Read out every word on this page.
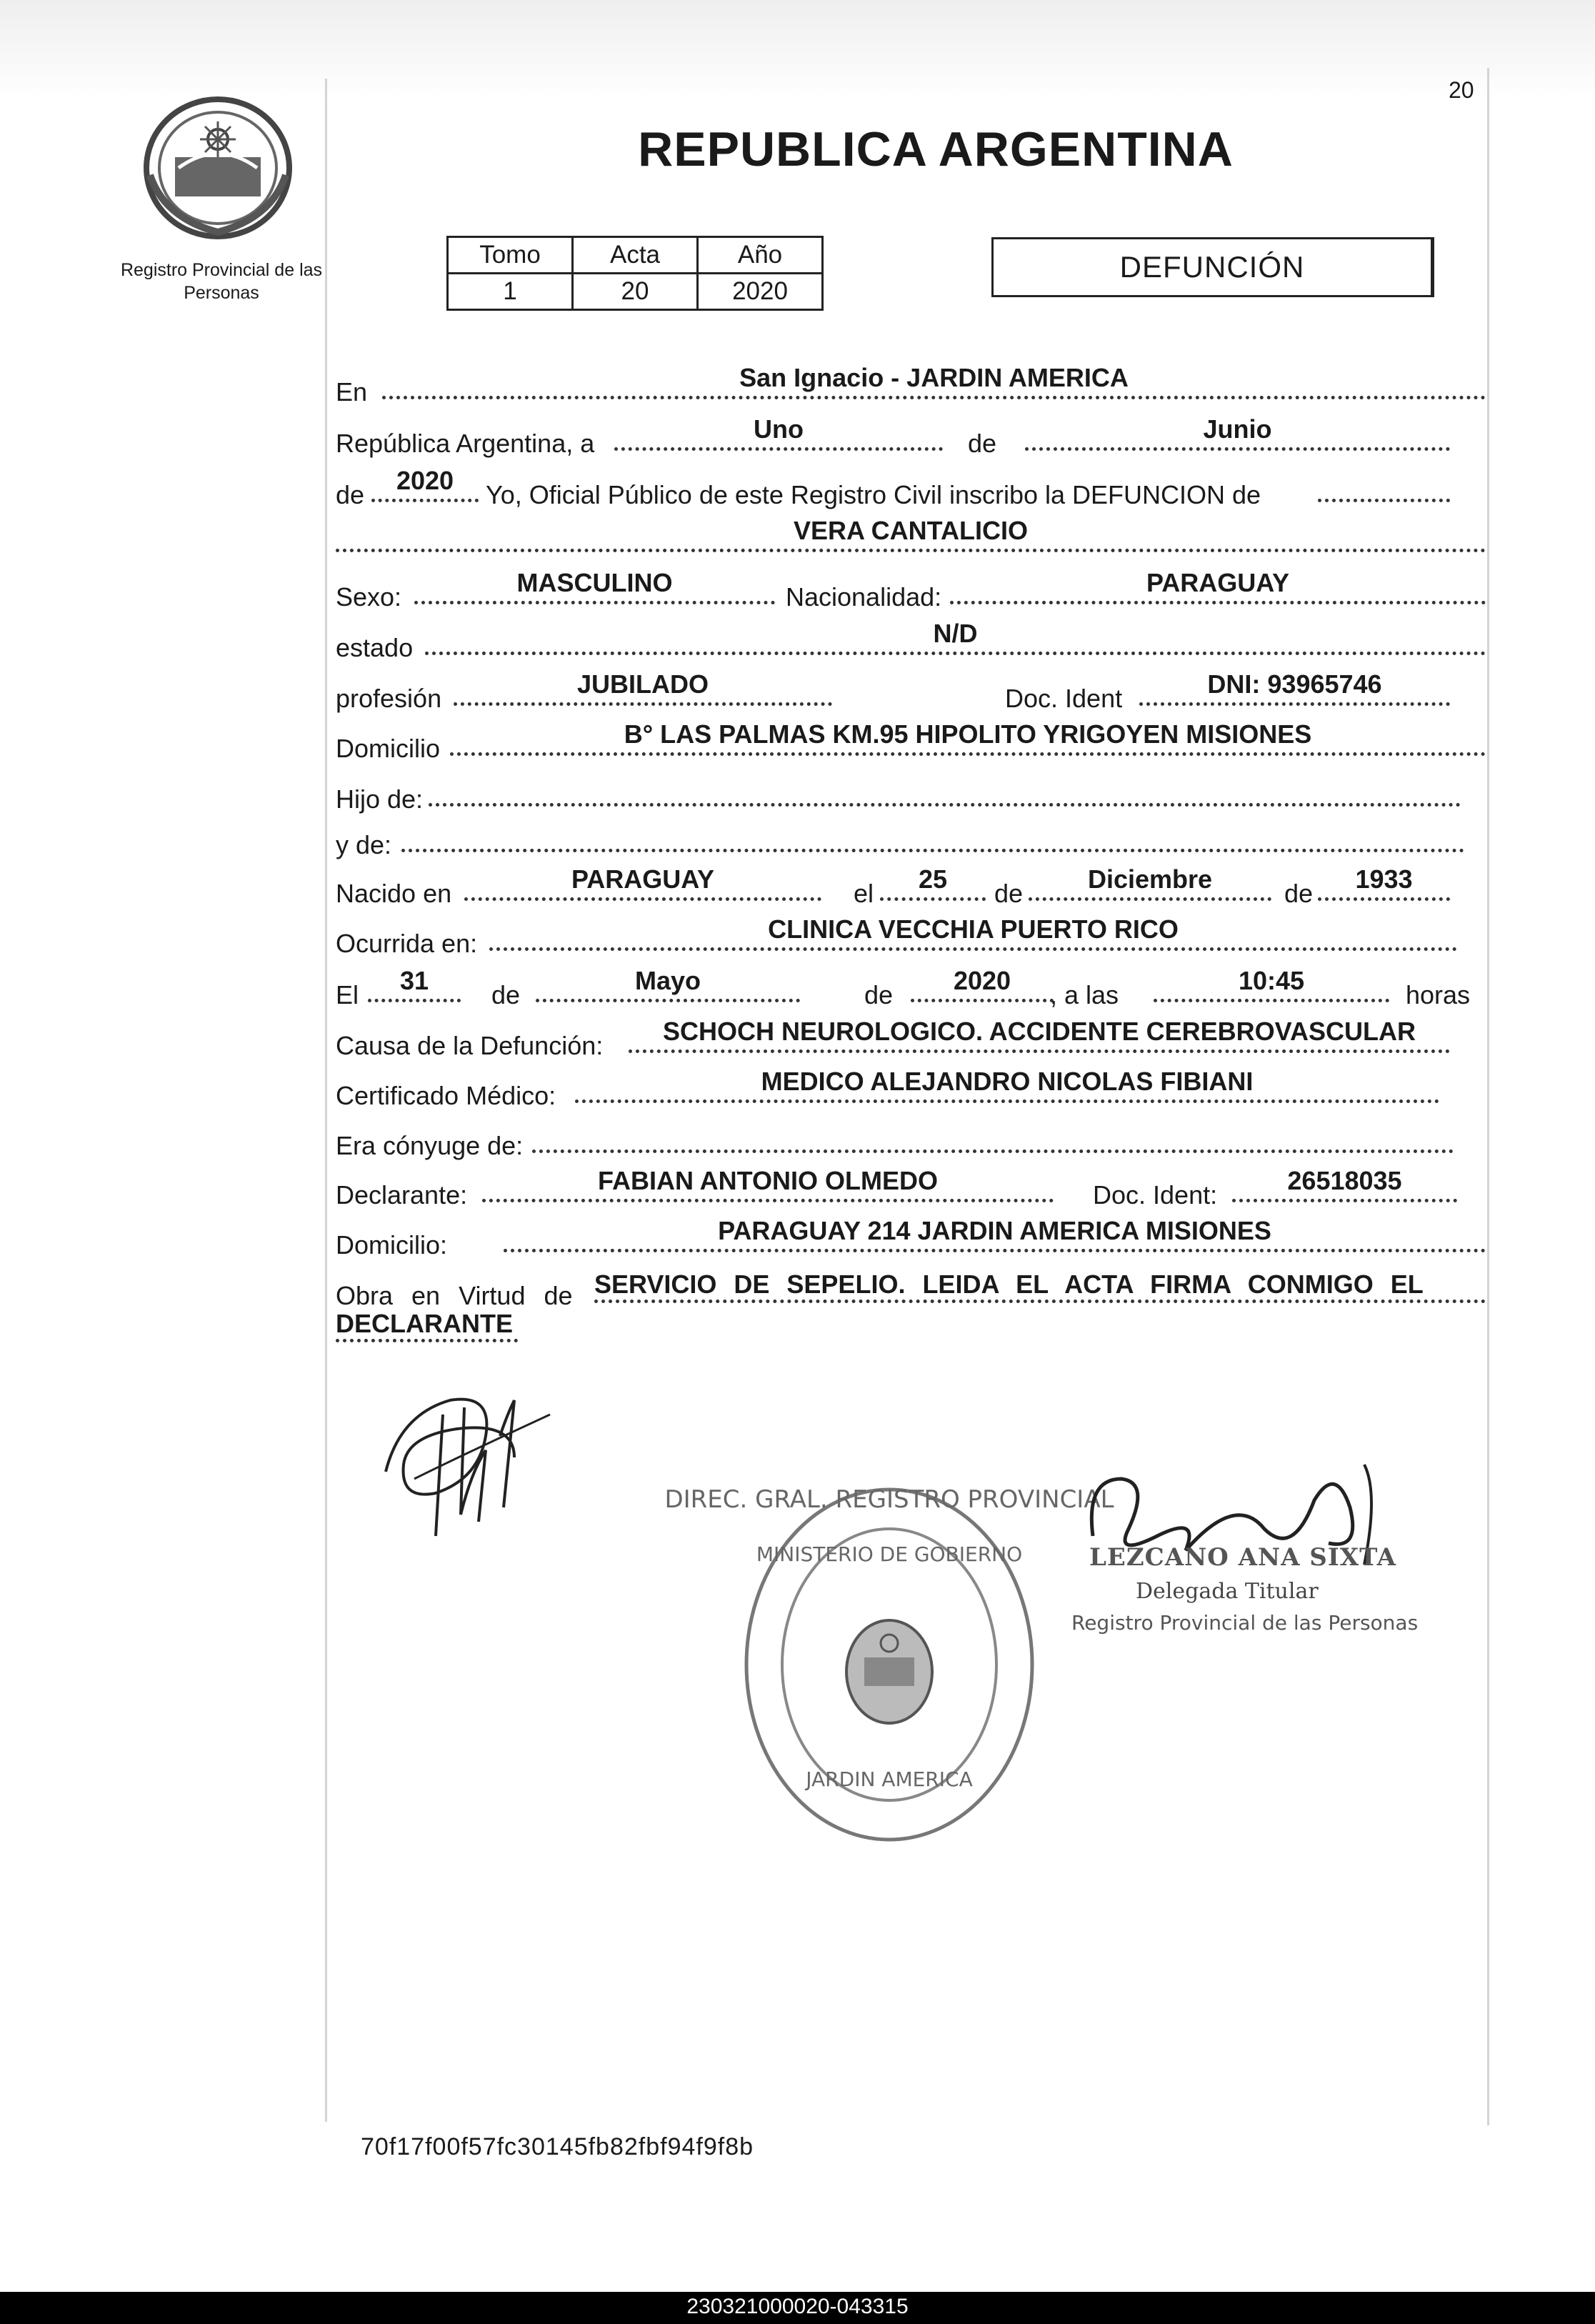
20
Registro Provincial de las Personas
REPUBLICA ARGENTINA
Tomo	Acta	Año
1	20	2020
DEFUNCIÓN
En	San Ignacio - JARDIN AMERICA
República Argentina, a	Uno	de	Junio
de	2020	Yo, Oficial Público de este Registro Civil inscribo la DEFUNCION de
VERA CANTALICIO
Sexo:	MASCULINO	Nacionalidad:	PARAGUAY
estado	N/D
profesión	JUBILADO	Doc. Ident	DNI: 93965746
Domicilio	B° LAS PALMAS KM.95 HIPOLITO YRIGOYEN MISIONES
Hijo de:
y de:
Nacido en	PARAGUAY	el	25	de	Diciembre	de	1933
Ocurrida en:	CLINICA VECCHIA PUERTO RICO
El	31	de	Mayo	de	2020	, a las	10:45	horas
Causa de la Defunción:	SCHOCH NEUROLOGICO. ACCIDENTE CEREBROVASCULAR
Certificado Médico:	MEDICO ALEJANDRO NICOLAS FIBIANI
Era cónyuge de:
Declarante:	FABIAN ANTONIO OLMEDO	Doc. Ident:	26518035
Domicilio:	PARAGUAY 214 JARDIN AMERICA MISIONES
Obra en Virtud de SERVICIO DE SEPELIO. LEIDA EL ACTA FIRMA CONMIGO EL
DECLARANTE
DIREC. GRAL. REGISTRO PROVINCIAL
MINISTERIO DE GOBIERNO
JARDIN AMERICA
LEZCANO ANA SIXTA
Delegada Titular
Registro Provincial de las Personas
70f17f00f57fc30145fb82fbf94f9f8b
230321000020-043315
